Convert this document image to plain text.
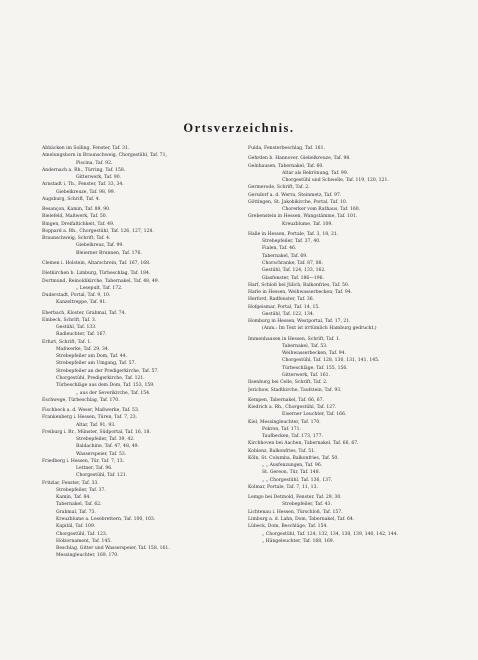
Ortsverzeichnis.
Abbäcken im Solling, Fenster, Taf. 31.
Amelungsborn in Braunschweig, Chorgestühl, Taf. 71,
Piscina, Taf. 92.
Andernach a. Rh., Türring, Taf. 158.
Gitterwerk, Taf. 90.
Arnstadt i. Th., Fenster, Taf. 33, 34.
Giebelkreuze, Taf. 98, 99.
Augsburg, Schrift, Taf. 4.
Besançon, Kamin, Taf. 89, 90.
Bielefeld, Maßwerk, Taf. 50.
Bingen, Dreifaltichkeit, Taf. 49.
Boppard a. Rh., Chorgestühl, Taf. 126, 127, 128.
Braunschweig, Schrift, Taf. 4.
Giebelkreuz, Taf. 99.
Bleierner Brunnen, Taf. 176.
Clemen i. Holstein, Altarschrein, Taf. 167, 168.
Dietkirchen b. Limburg, Türbeschlag, Taf. 184.
Dortmund, Reinoldikirche, Tabernakel, Taf. 48, 49.
„ Lesepult, Taf. 172.
Duderstadt, Portal, Taf. 9, 10.
Kanzeltreppe, Taf. 91.
Eberbach, Kloster, Grabmal, Taf. 74.
Einbeck, Schrift, Taf. 3.
Gestühl, Taf. 133.
Radleuchter, Taf. 167.
Erfurt, Schrift, Taf. 1.
Maßwerke, Taf. 29, 34.
Strebepfeiler am Dom, Taf. 44.
Strebepfeiler am Umgang, Taf. 57.
Strebepfeiler an der Predigerkirche, Taf. 57.
Chorgestühl, Predigerkirche, Taf. 121.
Türbeschläge aus dem Dom, Taf. 153, 159.
„ aus der Severikirche, Taf. 154.
Eschwege, Türbeschlag, Taf. 170.
Fischbeck a. d. Weser, Maßwerke, Taf. 53.
Frankenberg i. Hessen, Türen, Taf. 7, 23.
Altar, Taf. 91, 93.
Freiburg i. Br., Münster, Südportal, Taf. 16, 18.
Strebepfeiler, Taf. 39, 42.
Baldachine, Taf. 47, 48, 49.
Wasserspeier, Taf. 53.
Friedberg i. Hessen, Tür, Taf. 7, 13.
Lettner, Taf. 96.
Chorgestühl, Taf. 121.
Fritzlar, Fenster, Taf. 33.
Strebepfeiler, Taf. 37.
Kamin, Taf. 84.
Tabernakel, Taf. 62.
Grabmal, Taf. 73.
Kreuzblume a. Lesebrettern, Taf. 100, 103.
Kapitäl, Taf. 109.
Chorgestühl, Taf. 123.
Holzornament, Taf. 145.
Beschlag, Gitter und Wasserspeier, Taf. 158, 161.
Messingleuchter, 169, 170.
Fulda, Fensterbeschlag, Taf. 161.
Gehrden b. Hannover, Giebelkreuze, Taf. 98.
Gelnhausen, Tabernakel, Taf. 60.
Altar als Bekrönung, Taf. 99.
Chorgestühl und Schwelle, Taf. 119, 120, 121.
Germerode, Schrift, Taf. 2.
Gersdorf a. d. Werra, Steinmetz, Taf. 97.
Göttingen, St. Jakobikirche, Portal, Taf. 10.
Chorerker vom Rathaus, Taf. 160.
Grebenstein in Hessen, Wangstämme, Taf. 101.
Kreuzblume, Taf. 109.
Halle in Hessen, Portale, Taf. 3, 18, 21.
Strebepfeiler, Taf. 37, 40.
Fialen, Taf. 46.
Tabernakel, Taf. 69.
Chorschranke, Taf. 87, 88.
Gestühl, Taf. 124, 133, 162.
Glasfenster, Taf. 186—196.
Harf, Schloß bei Jülich, Balkonfries, Taf. 50.
Harle in Hessen, Weihwasserbecken, Taf. 94.
Herford, Radfenster, Taf. 36.
Hofgeismar, Portal, Taf. 14, 15.
Gestühl, Taf. 122, 134.
Homburg in Hessen, Westportal, Taf. 17, 21.
(Anm.: Im Text ist irrtümlich Hamburg gedruckt.)
Immenhausen in Hessen, Schrift, Taf. 1.
Tabernakel, Taf. 53.
Weihwasserbecken, Taf. 94.
Chorgestühl, Taf. 128, 130, 131, 141, 145.
Türbeschläge, Taf. 155, 156.
Gitterwerk, Taf. 161.
Ilsenburg bei Celle, Schrift, Taf. 2.
Jerichow, Stadtkirche, Taufstein, Taf. 93.
Kempen, Tabernakel, Taf. 66, 67.
Kiedrich a. Rh., Chorgestühl, Taf. 127.
Eiserner Leuchter, Taf. 166.
Kiel, Messingleuchter, Taf. 170.
Pokron, Taf. 171.
Taufbecken, Taf. 173, 177.
Kirchhoven bei Aachen, Tabernakel, Taf. 66, 67.
Koblenz, Balkonfries, Taf. 51.
Köln, St. Columba, Balkonfries, Taf. 50.
„ „ Ausfenzungen, Taf. 96.
St. Gereon, Tür, Taf. 148.
„ „ Chorgestühl, Taf. 136, 137.
Kolmar, Portale, Taf. 7, 11, 13.
Lemgo bei Detmold, Fenster, Taf. 29, 30.
Strebepfeiler, Taf. 43.
Lichtenau i. Hessen, Türschloß, Taf. 157.
Limburg a. d. Lahn, Dom, Tabernakel, Taf. 64.
Lübeck, Dom, Beschläge, Taf. 154.
„ Chorgestühl, Taf. 124, 132, 134, 138, 139, 140, 142, 144.
„ Hängeleuchter, Taf. 168, 169.
